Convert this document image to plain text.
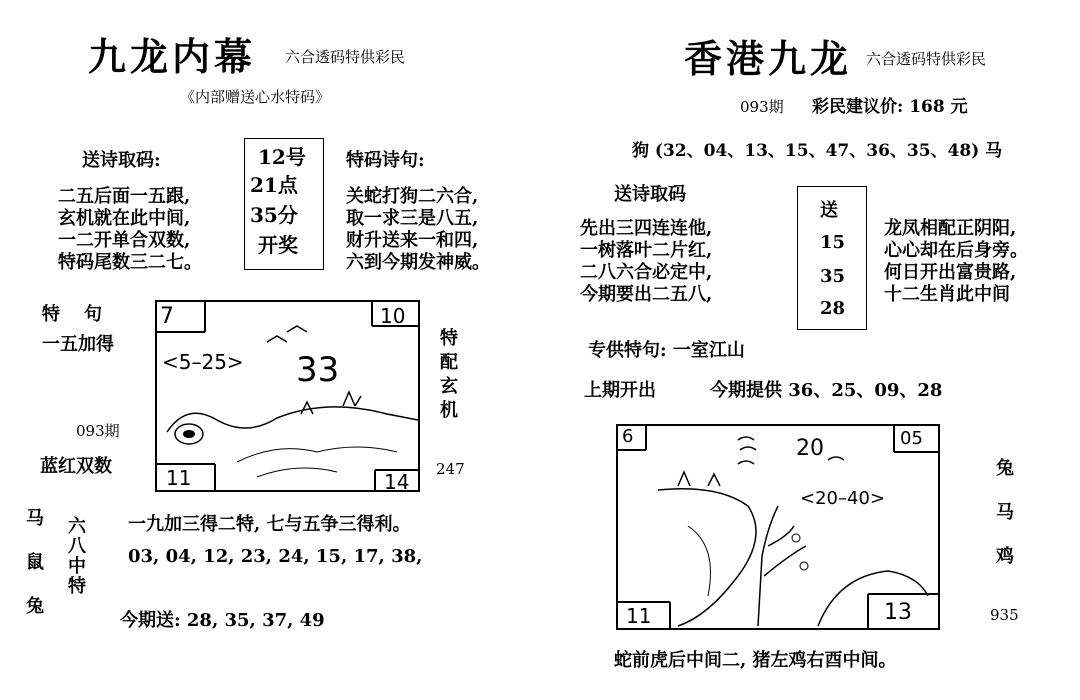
九龙内幕 六合透码特供彩民
《内部赠送心水特码》
送诗取码:
二五后面一五跟,
玄机就在此中间,
一二开单合双数,
特码尾数三二七。
12号
21点
35分
开奖
特码诗句:
关蛇打狗二六合,
取一求三是八五,
财升送来一和四,
六到今期发神威。
特　句
一五加得
093期
蓝红双数
7	10
11	14
<5–25> 33	特配玄机
247
马
鼠
兔
六八中特 一九加三得二特, 七与五争三得利。
03, 04, 12, 23, 24, 15, 17, 38,
今期送: 28, 35, 37, 49
香港九龙 六合透码特供彩民
093期 彩民建议价: 168 元
狗 (32、04、13、15、47、36、35、48) 马
送诗取码
先出三四连连他,
一树落叶二片红,
二八六合必定中,
今期要出二五八,
送
15
35
28
龙凤相配正阴阳,
心心却在后身旁。
何日开出富贵路,
十二生肖此中间
专供特句: 一室江山
上期开出	今期提供 36、25、09、28
6	05
11	13
20
<20–40>
兔
马
鸡
935
蛇前虎后中间二, 猪左鸡右酉中间。
